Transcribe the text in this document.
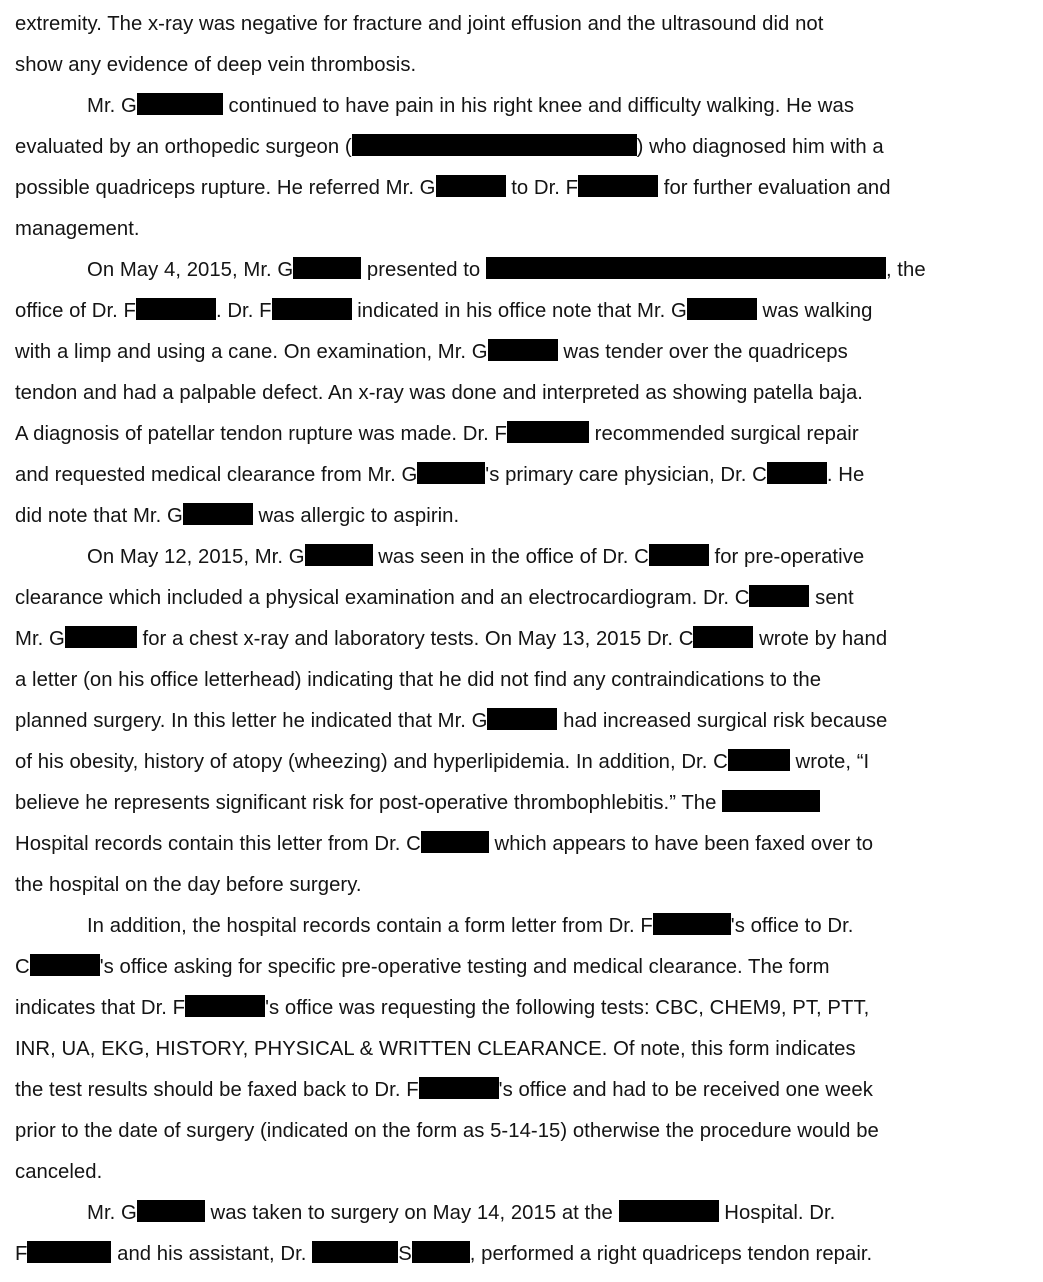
extremity. The x-ray was negative for fracture and joint effusion and the ultrasound did not
show any evidence of deep vein thrombosis.
Mr. G	continued to have pain in his right knee and difficulty walking. He was
evaluated by an orthopedic surgeon (	) who diagnosed him with a
possible quadriceps rupture. He referred Mr. G	to Dr. F	for further evaluation and
management.
On May 4, 2015, Mr. G	presented to	, the
office of Dr. F	. Dr. F	indicated in his office note that Mr. G	was walking
with a limp and using a cane. On examination, Mr. G	was tender over the quadriceps
tendon and had a palpable defect. An x-ray was done and interpreted as showing patella baja.
A diagnosis of patellar tendon rupture was made. Dr. F	recommended surgical repair
and requested medical clearance from Mr. G	's primary care physician, Dr. C	. He
did note that Mr. G	was allergic to aspirin.
On May 12, 2015, Mr. G	was seen in the office of Dr. C	for pre-operative
clearance which included a physical examination and an electrocardiogram. Dr. C	sent
Mr. G	for a chest x-ray and laboratory tests. On May 13, 2015 Dr. C	wrote by hand
a letter (on his office letterhead) indicating that he did not find any contraindications to the
planned surgery. In this letter he indicated that Mr. G	had increased surgical risk because
of his obesity, history of atopy (wheezing) and hyperlipidemia. In addition, Dr. C	wrote, “I
believe he represents significant risk for post-operative thrombophlebitis.” The
Hospital records contain this letter from Dr. C	which appears to have been faxed over to
the hospital on the day before surgery.
In addition, the hospital records contain a form letter from Dr. F	's office to Dr.
C	's office asking for specific pre-operative testing and medical clearance. The form
indicates that Dr. F	's office was requesting the following tests: CBC, CHEM9, PT, PTT,
INR, UA, EKG, HISTORY, PHYSICAL & WRITTEN CLEARANCE. Of note, this form indicates
the test results should be faxed back to Dr. F	's office and had to be received one week
prior to the date of surgery (indicated on the form as 5-14-15) otherwise the procedure would be
canceled.
Mr. G	was taken to surgery on May 14, 2015 at the	Hospital. Dr.
F	and his assistant, Dr.	S	, performed a right quadriceps tendon repair.
